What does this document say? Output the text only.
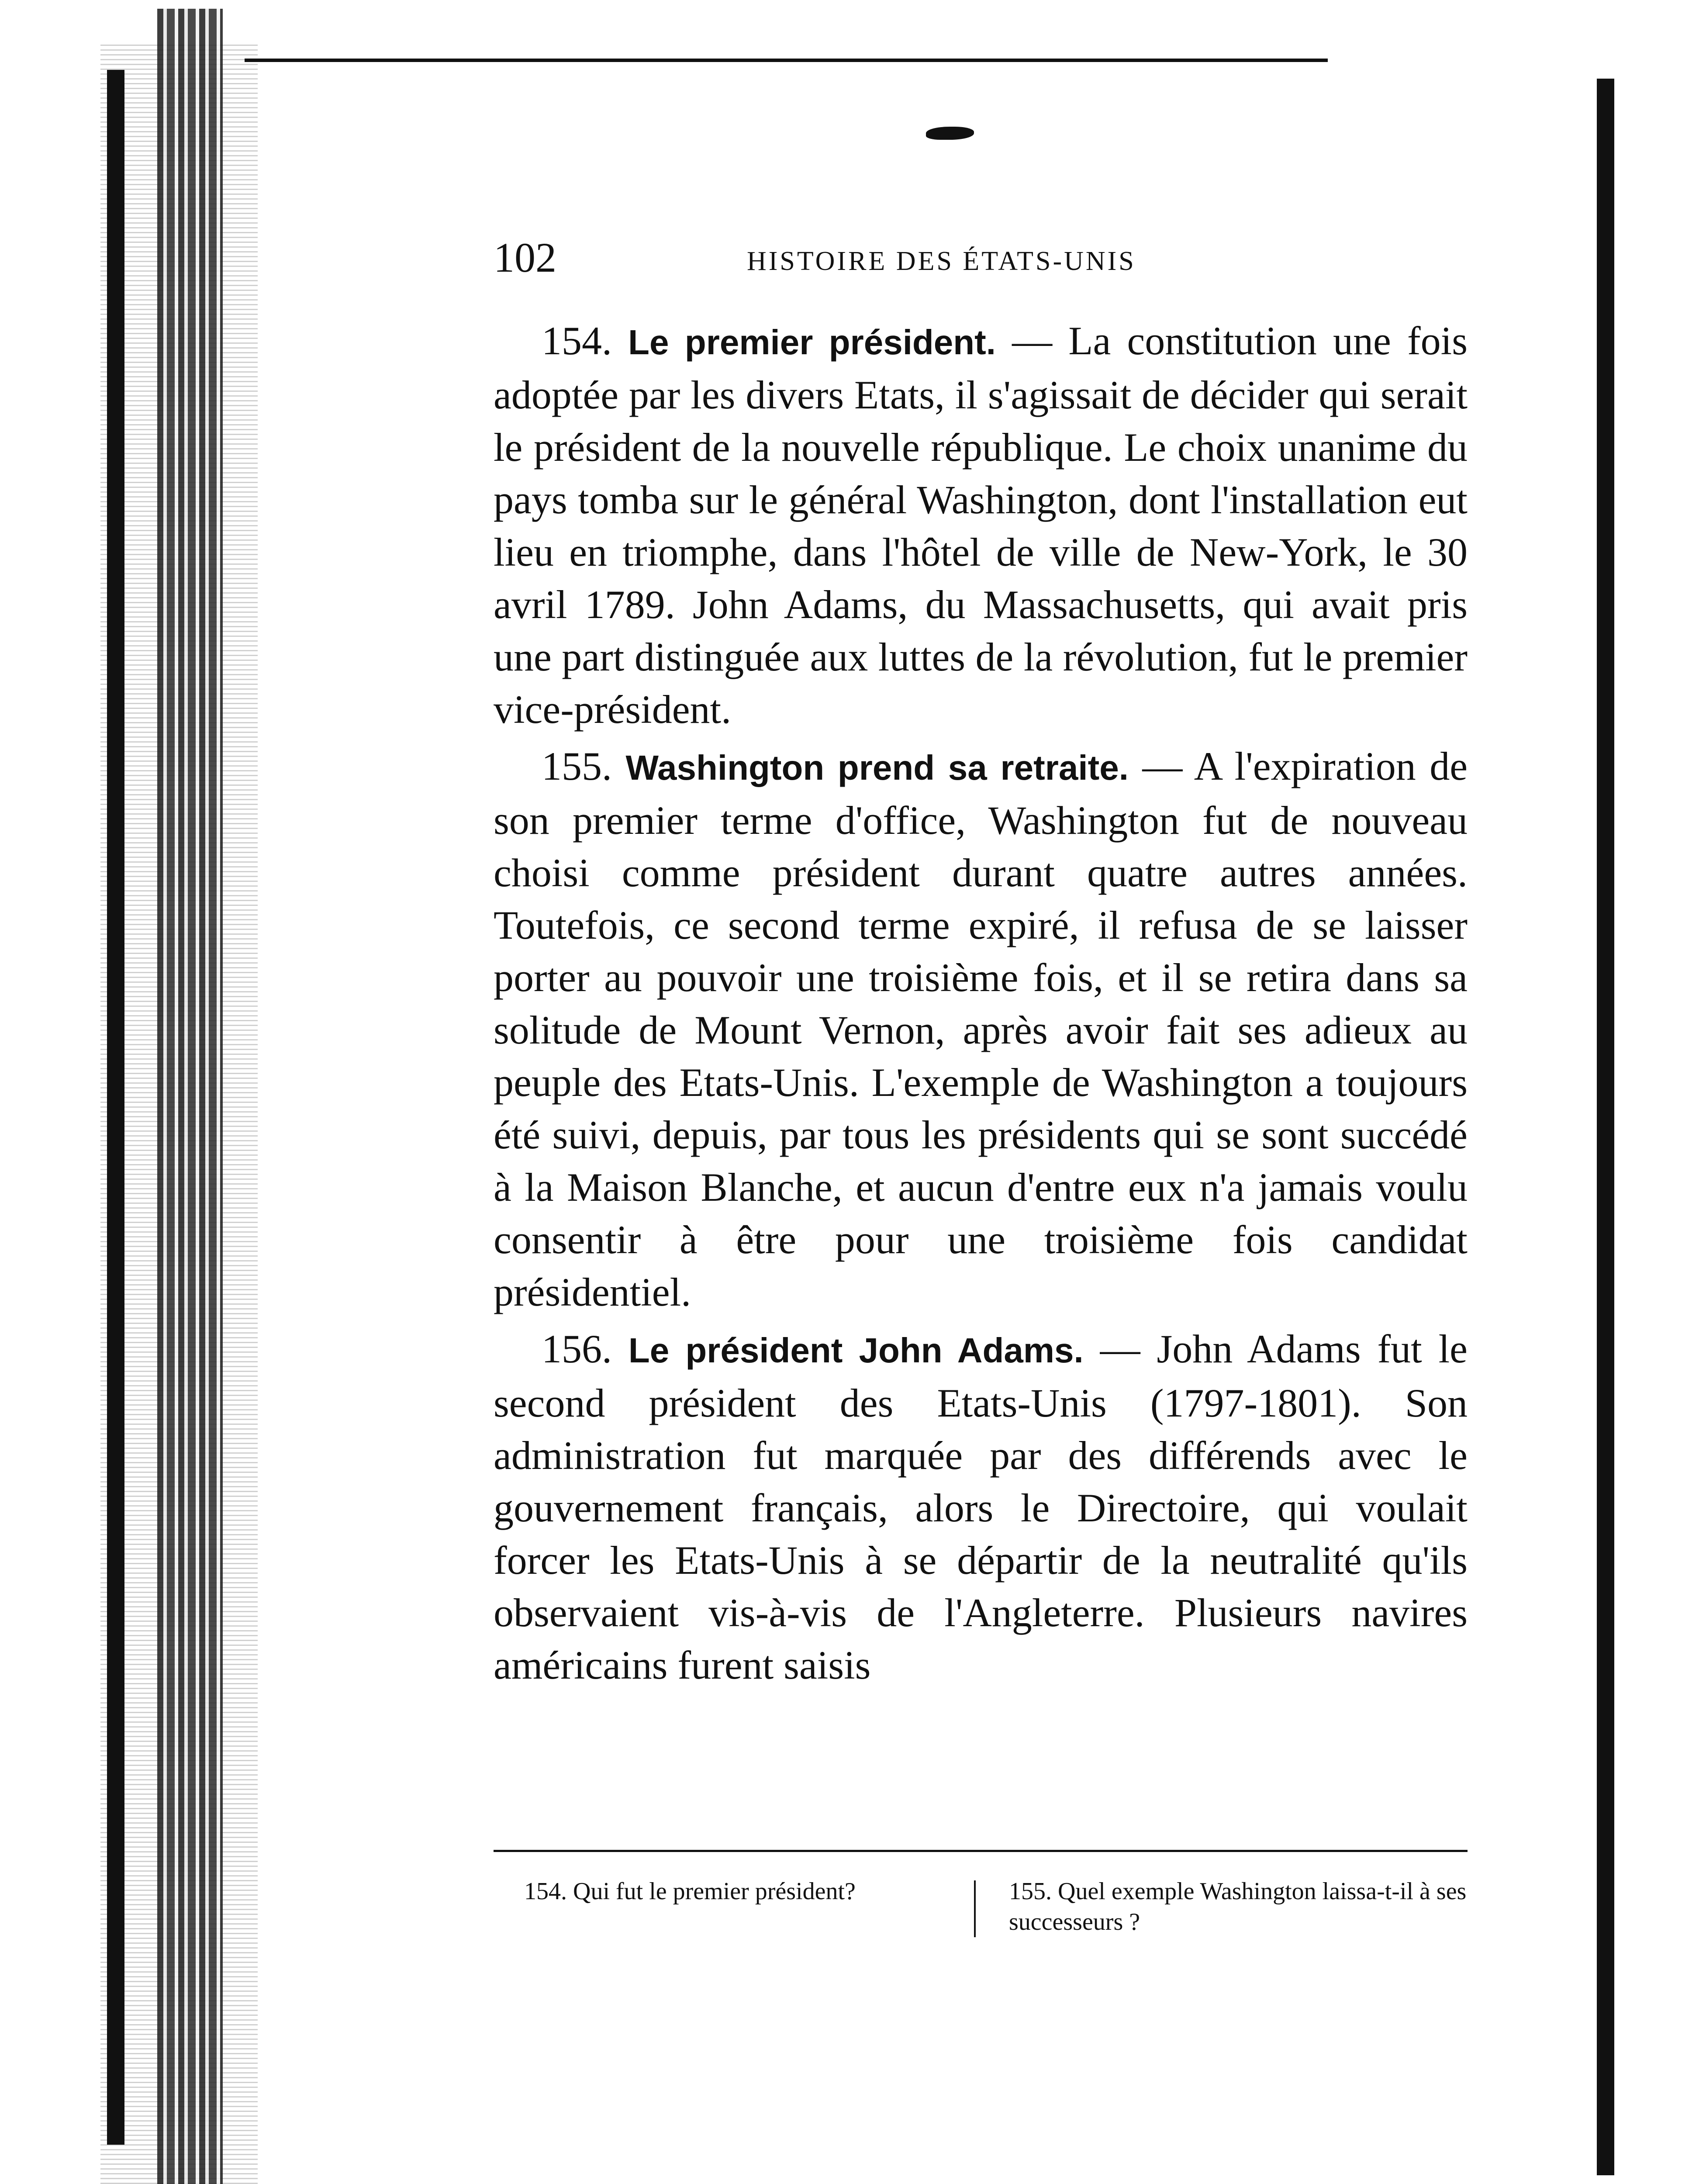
102	HISTOIRE DES ÉTATS-UNIS

154. Le premier président. — La constitution une fois adoptée par les divers Etats, il s'agissait de décider qui serait le président de la nouvelle république. Le choix unanime du pays tomba sur le général Washington, dont l'installation eut lieu en triomphe, dans l'hôtel de ville de New-York, le 30 avril 1789. John Adams, du Massachusetts, qui avait pris une part distinguée aux luttes de la révolution, fut le premier vice-président.

155. Washington prend sa retraite. — A l'expiration de son premier terme d'office, Washington fut de nouveau choisi comme président durant quatre autres années. Toutefois, ce second terme expiré, il refusa de se laisser porter au pouvoir une troisième fois, et il se retira dans sa solitude de Mount Vernon, après avoir fait ses adieux au peuple des Etats-Unis. L'exemple de Washington a toujours été suivi, depuis, par tous les présidents qui se sont succédé à la Maison Blanche, et aucun d'entre eux n'a jamais voulu consentir à être pour une troisième fois candidat présidentiel.

156. Le président John Adams. — John Adams fut le second président des Etats-Unis (1797-1801). Son administration fut marquée par des différends avec le gouvernement français, alors le Directoire, qui voulait forcer les Etats-Unis à se départir de la neutralité qu'ils observaient vis-à-vis de l'Angleterre. Plusieurs navires américains furent saisis

154. Qui fut le premier président?	155. Quel exemple Washington laissa-t-il à ses successeurs ?
